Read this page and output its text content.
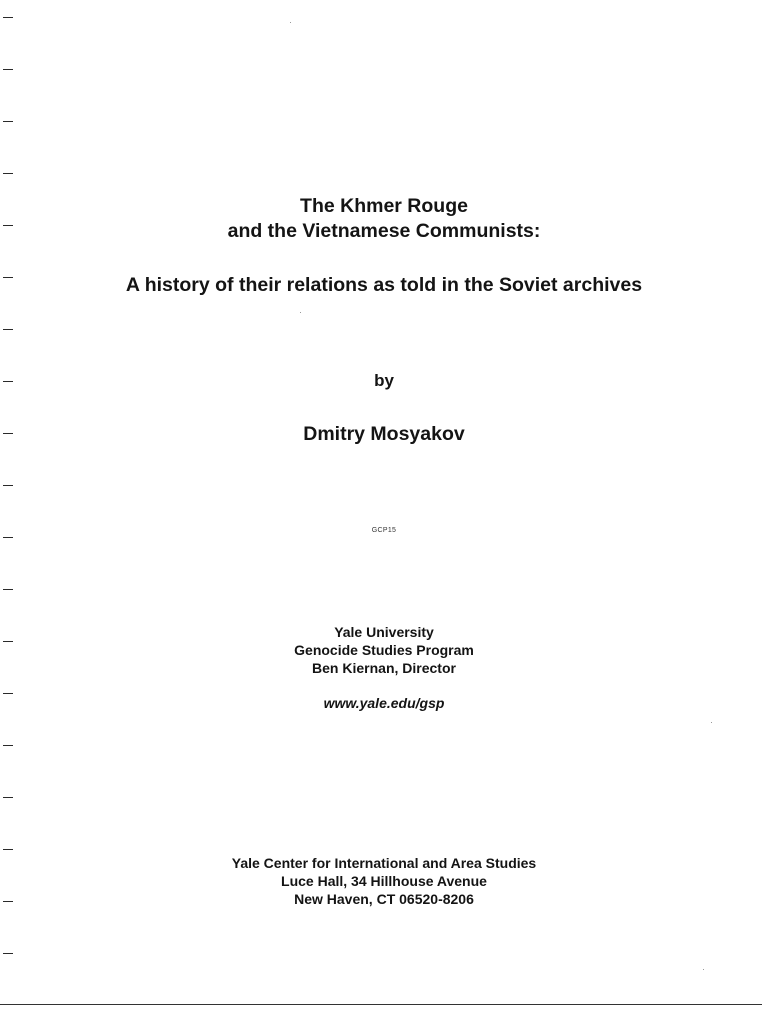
The Khmer Rouge
and the Vietnamese Communists:
A history of their relations as told in the Soviet archives
by
Dmitry Mosyakov
GCP15
Yale University
Genocide Studies Program
Ben Kiernan, Director
www.yale.edu/gsp
Yale Center for International and Area Studies
Luce Hall, 34 Hillhouse Avenue
New Haven, CT 06520-8206
